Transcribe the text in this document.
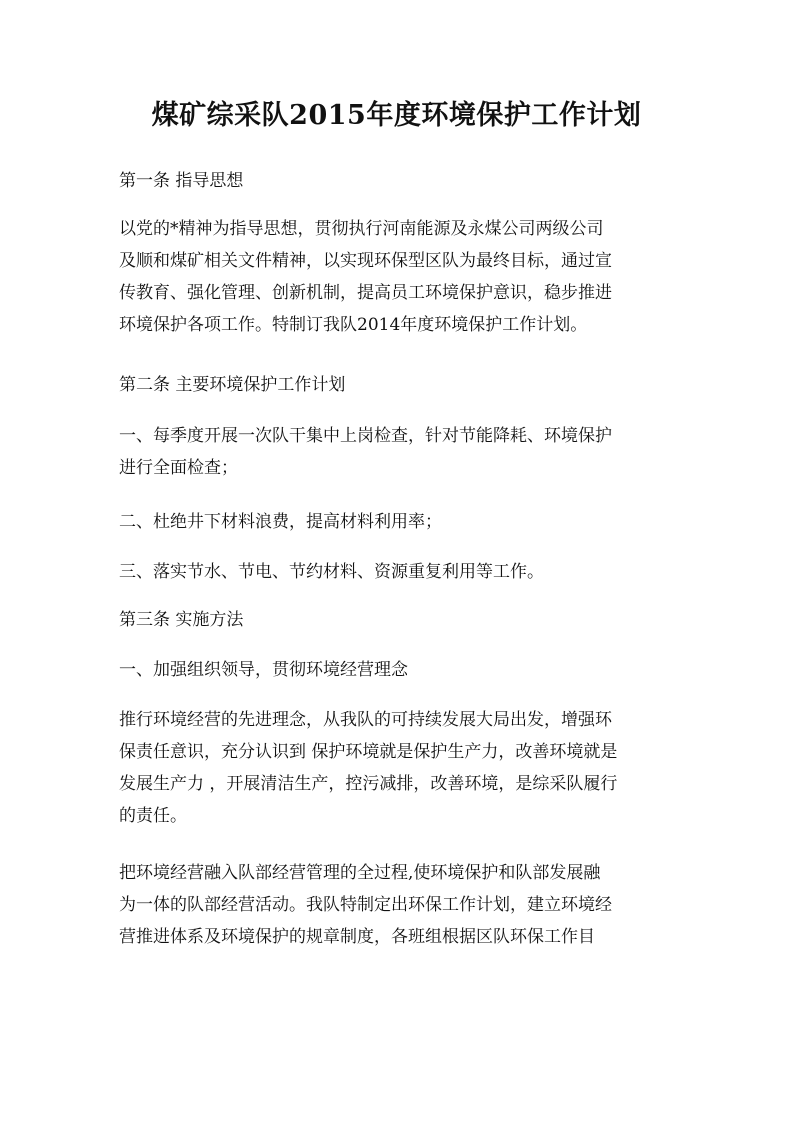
煤矿综采队2015年度环境保护工作计划
第一条 指导思想
以党的*精神为指导思想，贯彻执行河南能源及永煤公司两级公司
及顺和煤矿相关文件精神，以实现环保型区队为最终目标，通过宣
传教育、强化管理、创新机制，提高员工环境保护意识，稳步推进
环境保护各项工作。特制订我队2014年度环境保护工作计划。
第二条 主要环境保护工作计划
一、每季度开展一次队干集中上岗检查，针对节能降耗、环境保护
进行全面检查；
二、杜绝井下材料浪费，提高材料利用率；
三、落实节水、节电、节约材料、资源重复利用等工作。
第三条 实施方法
一、加强组织领导，贯彻环境经营理念
推行环境经营的先进理念，从我队的可持续发展大局出发，增强环
保责任意识，充分认识到 保护环境就是保护生产力，改善环境就是
发展生产力 ，开展清洁生产，控污减排，改善环境，是综采队履行
的责任。
把环境经营融入队部经营管理的全过程,使环境保护和队部发展融
为一体的队部经营活动。我队特制定出环保工作计划，建立环境经
营推进体系及环境保护的规章制度，各班组根据区队环保工作目
